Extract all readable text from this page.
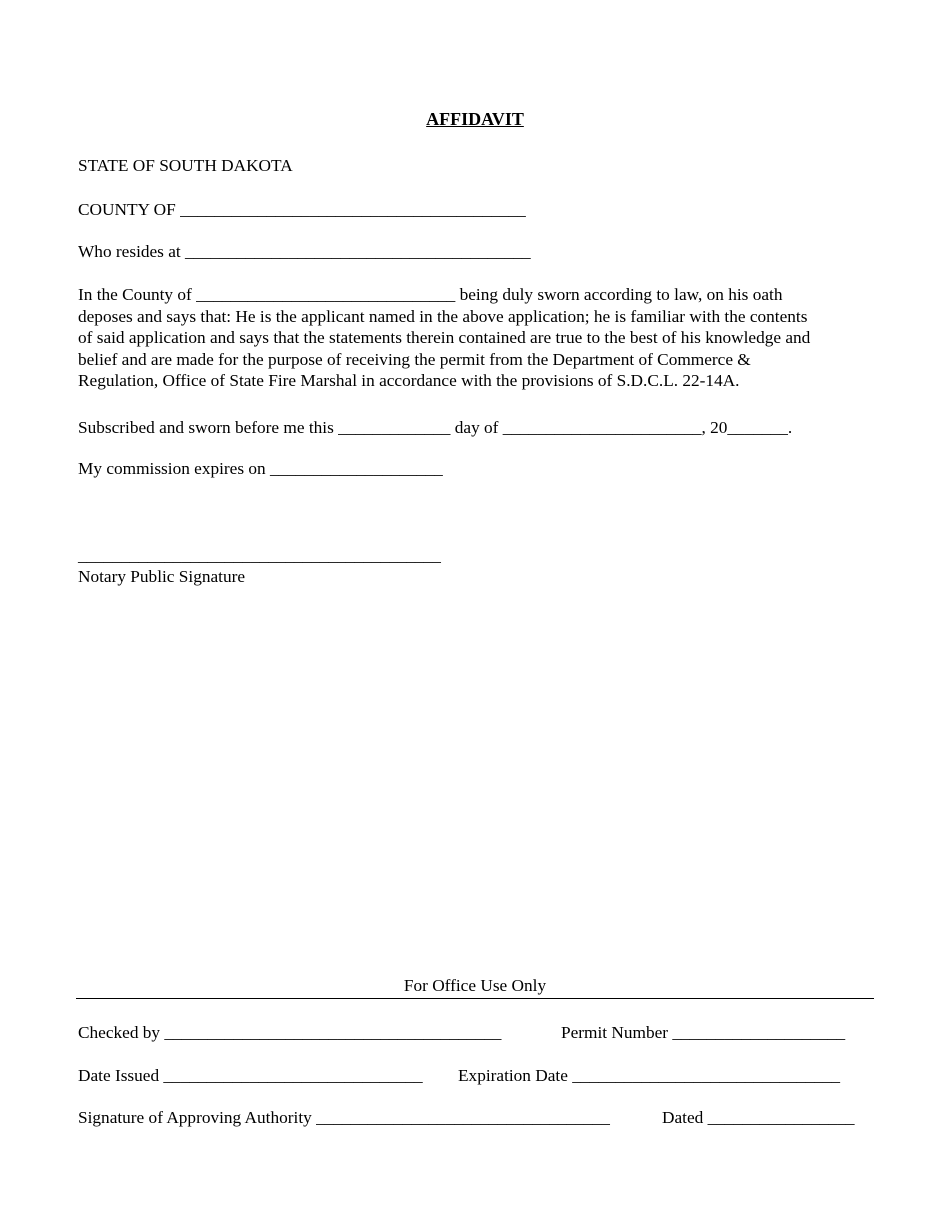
AFFIDAVIT
STATE OF SOUTH DAKOTA
COUNTY OF ________________________________________
Who resides at ________________________________________
In the County of ______________________________ being duly sworn according to law, on his oath
deposes and says that: He is the applicant named in the above application; he is familiar with the contents
of said application and says that the statements therein contained are true to the best of his knowledge and
belief and are made for the purpose of receiving the permit from the Department of Commerce &
Regulation, Office of State Fire Marshal in accordance with the provisions of S.D.C.L. 22-14A.
Subscribed and sworn before me this _____________ day of _______________________, 20_______.
My commission expires on ____________________
__________________________________________
Notary Public Signature
For Office Use Only
Checked by _______________________________________	Permit Number ____________________
Date Issued ______________________________ Expiration Date _______________________________
Signature of Approving Authority __________________________________	Dated _________________
